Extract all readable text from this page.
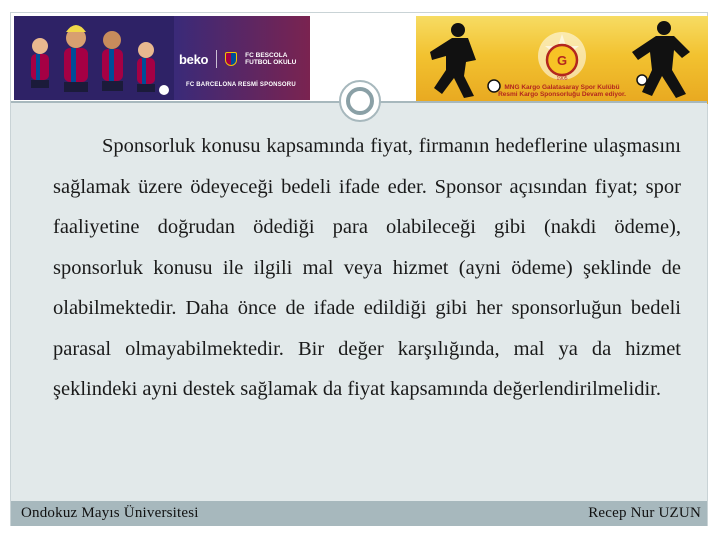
beko	FC BESCOLA FUTBOL OKULU
FC BARCELONA RESMİ SPONSORU
G
1905
MNG Kargo Galatasaray Spor Kulübü
Resmi Kargo Sponsorluğu Devam ediyor.

Sponsorluk konusu kapsamında fiyat, firmanın hedeflerine ulaşmasını sağlamak üzere ödeyeceği bedeli ifade eder. Sponsor açısından fiyat; spor faaliyetine doğrudan ödediği para olabileceği gibi (nakdi ödeme), sponsorluk konusu ile ilgili mal veya hizmet (ayni ödeme) şeklinde de olabilmektedir. Daha önce de ifade edildiği gibi her sponsorluğun bedeli parasal olmayabilmektedir. Bir değer karşılığında, mal ya da hizmet şeklindeki ayni destek sağlamak da fiyat kapsamında değerlendirilmelidir.

Ondokuz Mayıs Üniversitesi	Recep Nur UZUN
